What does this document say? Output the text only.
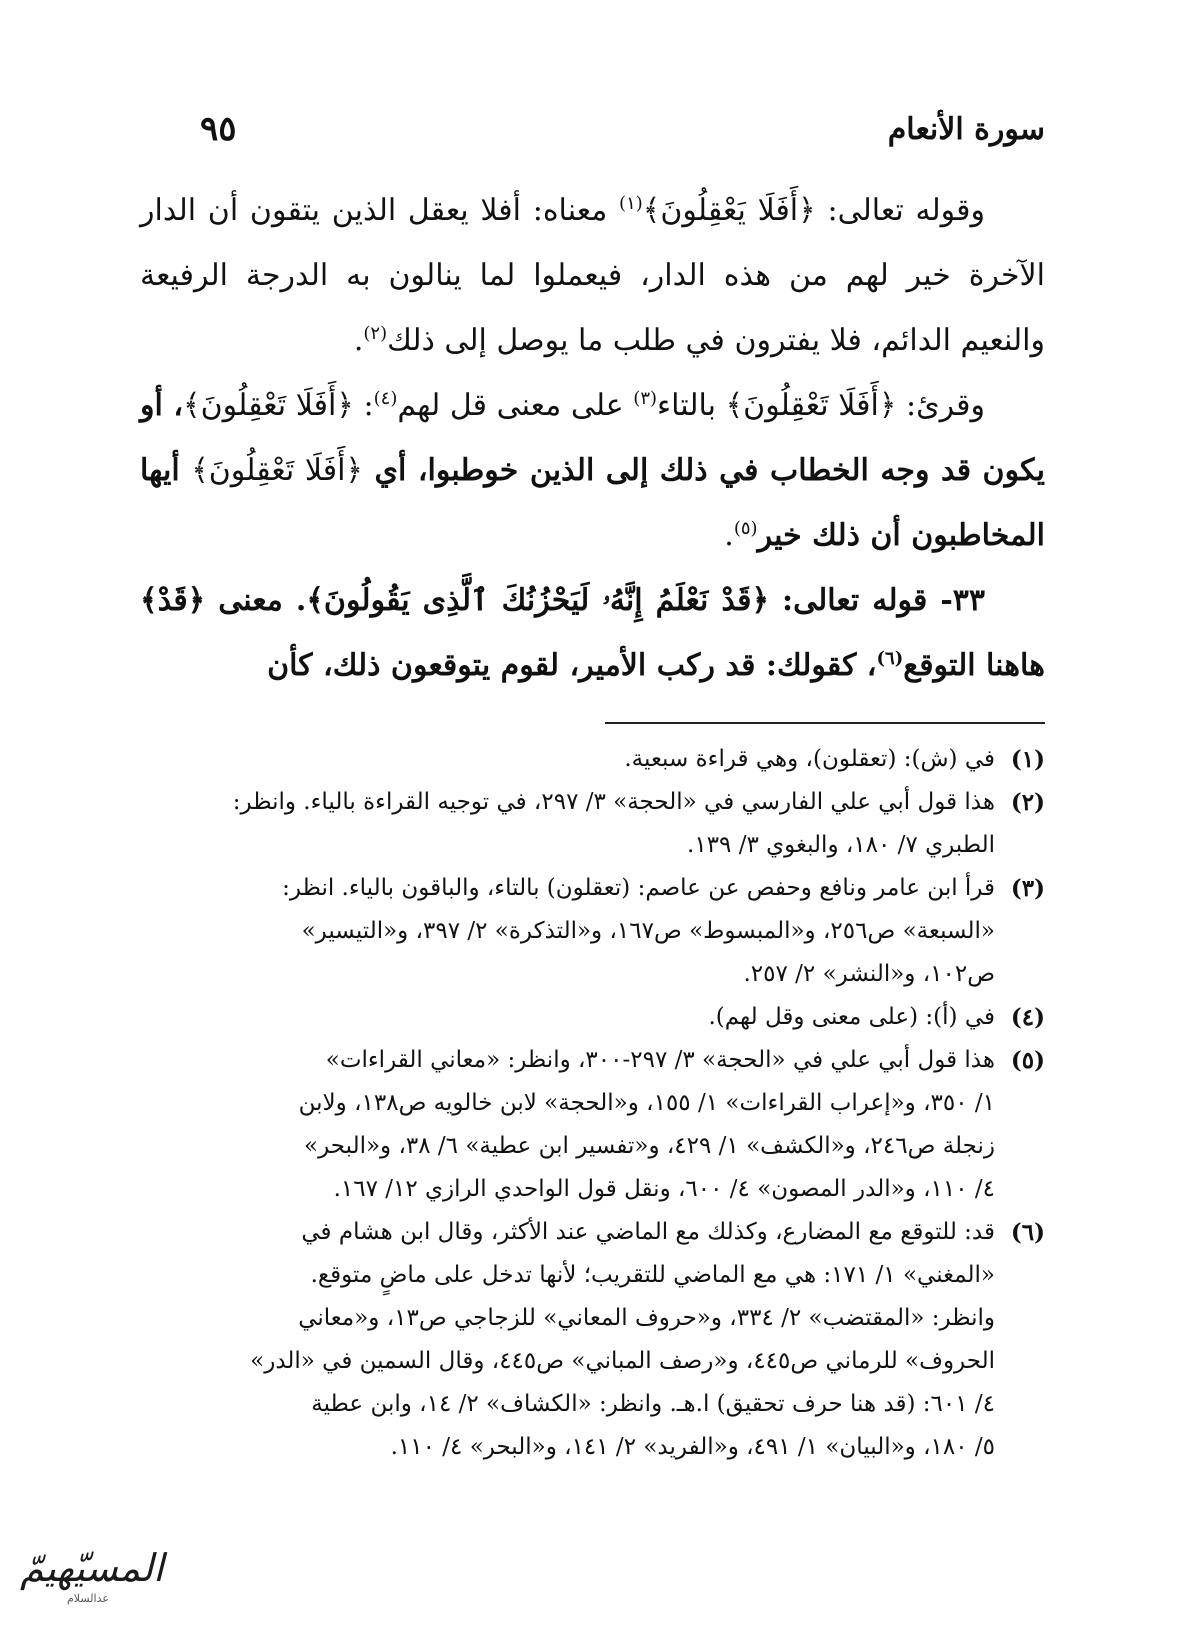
سورة الأنعام
٩٥

وقوله تعالى: ﴿أَفَلَا يَعْقِلُونَ﴾$^{(١)}$ معناه: أفلا يعقل الذين يتقون أن الدار الآخرة خير لهم من هذه الدار، فيعملوا لما ينالون به الدرجة الرفيعة والنعيم الدائم، فلا يفترون في طلب ما يوصل إلى ذلك$^{(٢)}$.

وقرئ: ﴿أَفَلَا تَعْقِلُونَ﴾ بالتاء$^{(٣)}$ على معنى قل لهم$^{(٤)}$: ﴿أَفَلَا تَعْقِلُونَ﴾، أو يكون قد وجه الخطاب في ذلك إلى الذين خوطبوا، أي ﴿أَفَلَا تَعْقِلُونَ﴾ أيها المخاطبون أن ذلك خير$^{(٥)}$.

٣٣- قوله تعالى: ﴿قَدْ نَعْلَمُ إِنَّهُۥ لَيَحْزُنُكَ ٱلَّذِى يَقُولُونَ﴾. معنى ﴿قَدْ﴾ هاهنا التوقع$^{(٦)}$، كقولك: قد ركب الأمير، لقوم يتوقعون ذلك، كأن

(١)
في (ش): (تعقلون)، وهي قراءة سبعية.
(٢)
هذا قول أبي علي الفارسي في «الحجة» ٣/ ٢٩٧، في توجيه القراءة بالياء. وانظر:
الطبري ٧/ ١٨٠، والبغوي ٣/ ١٣٩.
(٣)
قرأ ابن عامر ونافع وحفص عن عاصم: (تعقلون) بالتاء، والباقون بالياء. انظر:
«السبعة» ص٢٥٦، و«المبسوط» ص١٦٧، و«التذكرة» ٢/ ٣٩٧، و«التيسير»
ص١٠٢، و«النشر» ٢/ ٢٥٧.
(٤)
في (أ): (على معنى وقل لهم).
(٥)
هذا قول أبي علي في «الحجة» ٣/ ٢٩٧-٣٠٠، وانظر: «معاني القراءات»
١/ ٣٥٠، و«إعراب القراءات» ١/ ١٥٥، و«الحجة» لابن خالويه ص١٣٨، ولابن
زنجلة ص٢٤٦، و«الكشف» ١/ ٤٢٩، و«تفسير ابن عطية» ٦/ ٣٨، و«البحر»
٤/ ١١٠، و«الدر المصون» ٤/ ٦٠٠، ونقل قول الواحدي الرازي ١٢/ ١٦٧.
(٦)
قد: للتوقع مع المضارع، وكذلك مع الماضي عند الأكثر، وقال ابن هشام في
«المغني» ١/ ١٧١: هي مع الماضي للتقريب؛ لأنها تدخل على ماضٍ متوقع.
وانظر: «المقتضب» ٢/ ٣٣٤، و«حروف المعاني» للزجاجي ص١٣، و«معاني
الحروف» للرماني ص٤٤٥، و«رصف المباني» ص٤٤٥، وقال السمين في «الدر»
٤/ ٦٠١: (قد هنا حرف تحقيق) ا.هـ. وانظر: «الكشاف» ٢/ ١٤، وابن عطية
٥/ ١٨٠، و«البيان» ١/ ٤٩١، و«الفريد» ٢/ ١٤١، و«البحر» ٤/ ١١٠.
المسيّهيمّ
عدالسلام
